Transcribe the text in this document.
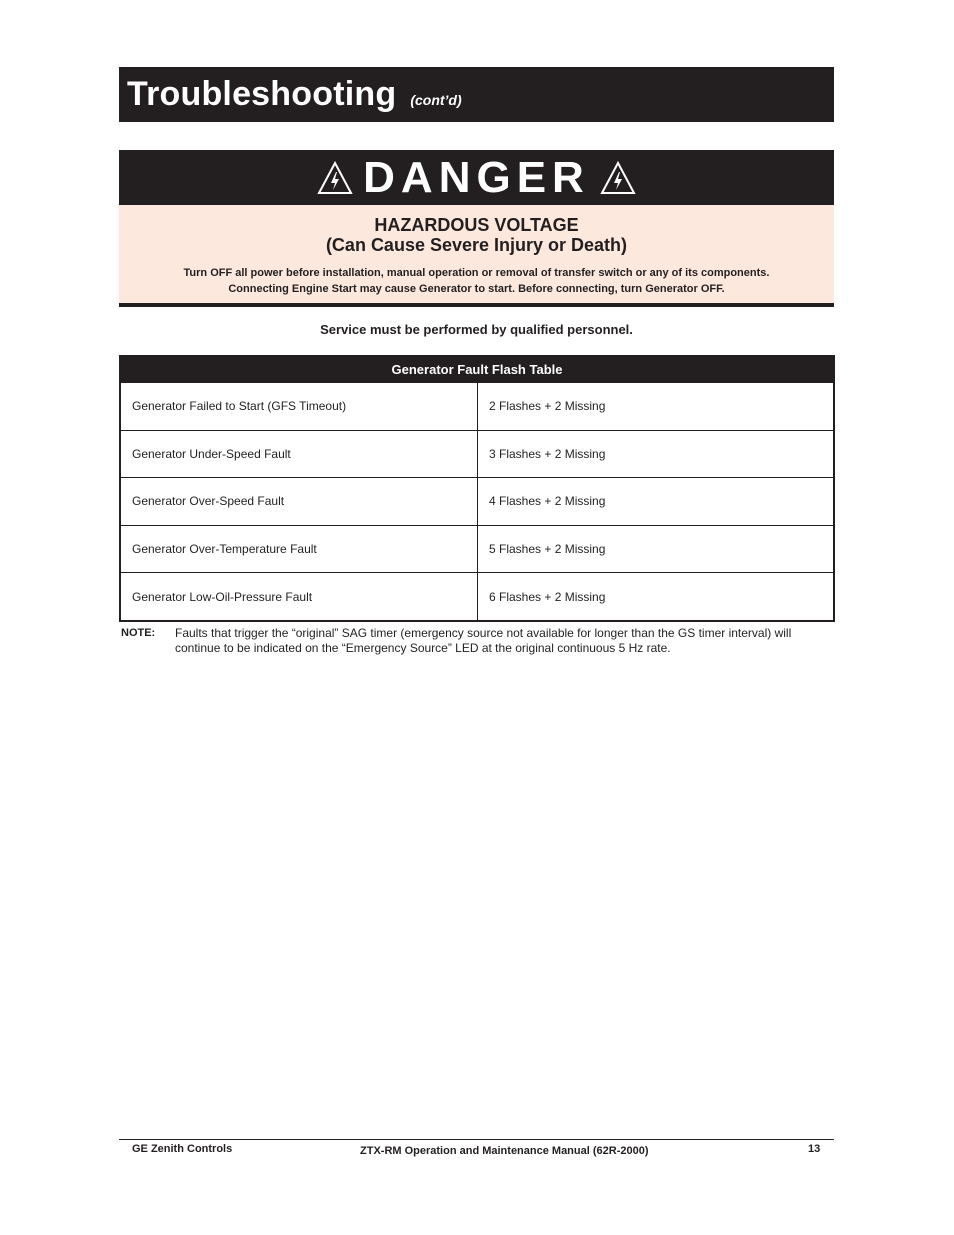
Troubleshooting (cont’d)
DANGER
HAZARDOUS VOLTAGE
(Can Cause Severe Injury or Death)
Turn OFF all power before installation, manual operation or removal of transfer switch or any of its components.
Connecting Engine Start may cause Generator to start. Before connecting, turn Generator OFF.
Service must be performed by qualified personnel.
Generator Fault Flash Table
Generator Failed to Start (GFS Timeout)	2 Flashes + 2 Missing
Generator Under-Speed Fault	3 Flashes + 2 Missing
Generator Over-Speed Fault	4 Flashes + 2 Missing
Generator Over-Temperature Fault	5 Flashes + 2 Missing
Generator Low-Oil-Pressure Fault	6 Flashes + 2 Missing
NOTE:	Faults that trigger the “original” SAG timer (emergency source not available for longer than the GS timer interval) will continue to be indicated on the “Emergency Source” LED at the original continuous 5 Hz rate.
GE Zenith Controls	ZTX-RM Operation and Maintenance Manual (62R-2000)	13
